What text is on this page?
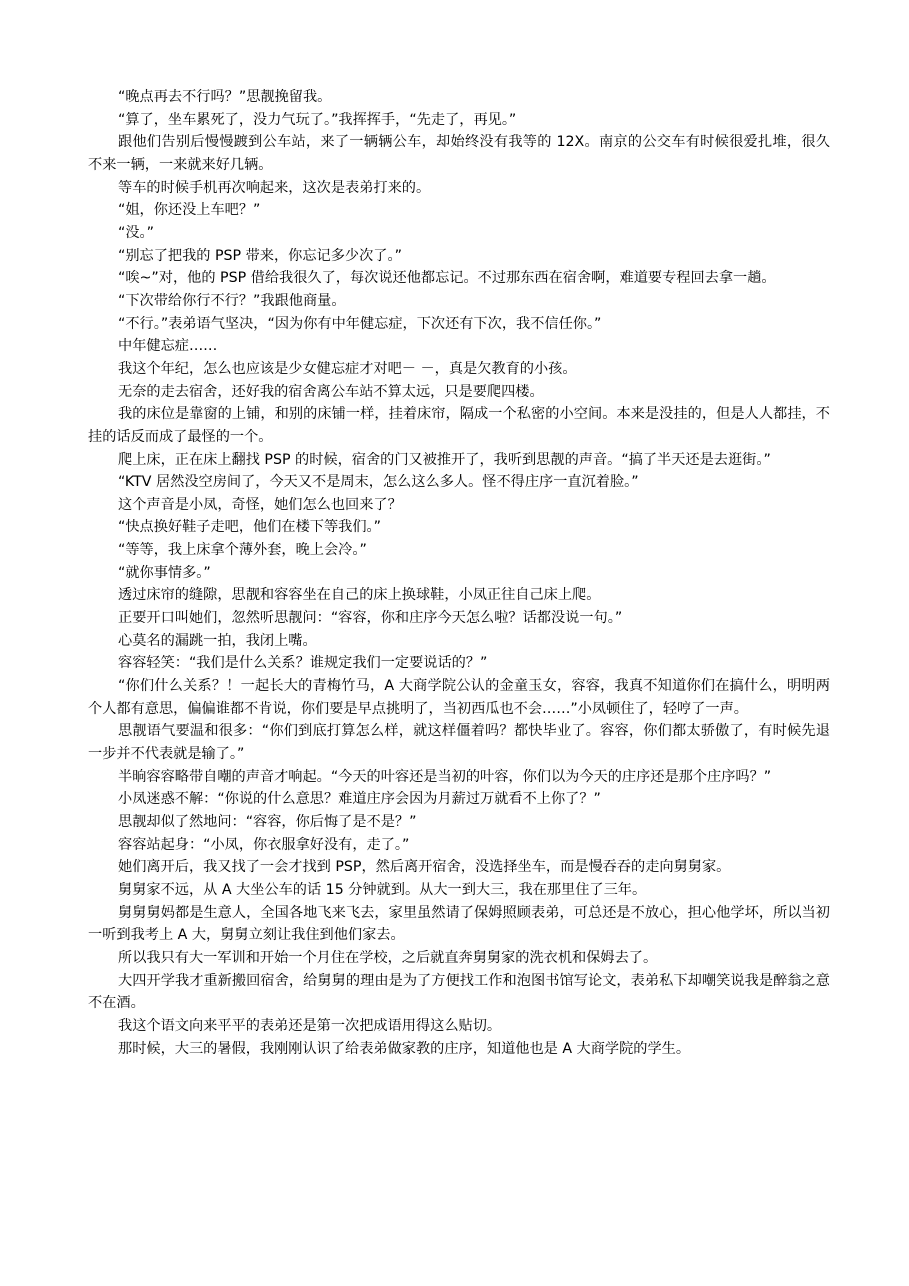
“晚点再去不行吗？”思靓挽留我。

“算了，坐车累死了，没力气玩了。”我挥挥手，“先走了，再见。”

跟他们告别后慢慢踱到公车站，来了一辆辆公车，却始终没有我等的 12X。南京的公交车有时候很爱扎堆，很久不来一辆，一来就来好几辆。

等车的时候手机再次响起来，这次是表弟打来的。

“姐，你还没上车吧？”

“没。”

“别忘了把我的 PSP 带来，你忘记多少次了。”

“唉~”对，他的 PSP 借给我很久了，每次说还他都忘记。不过那东西在宿舍啊，难道要专程回去拿一趟。

“下次带给你行不行？”我跟他商量。

“不行。”表弟语气坚决，“因为你有中年健忘症，下次还有下次，我不信任你。”

中年健忘症……

我这个年纪，怎么也应该是少女健忘症才对吧－ －，真是欠教育的小孩。

无奈的走去宿舍，还好我的宿舍离公车站不算太远，只是要爬四楼。

我的床位是靠窗的上铺，和别的床铺一样，挂着床帘，隔成一个私密的小空间。本来是没挂的，但是人人都挂，不挂的话反而成了最怪的一个。

爬上床，正在床上翻找 PSP 的时候，宿舍的门又被推开了，我听到思靓的声音。“搞了半天还是去逛街。”

“KTV 居然没空房间了，今天又不是周末，怎么这么多人。怪不得庄序一直沉着脸。”

这个声音是小凤，奇怪，她们怎么也回来了？

“快点换好鞋子走吧，他们在楼下等我们。”

“等等，我上床拿个薄外套，晚上会冷。”

“就你事情多。”

透过床帘的缝隙，思靓和容容坐在自己的床上换球鞋，小凤正往自己床上爬。

正要开口叫她们，忽然听思靓问：“容容，你和庄序今天怎么啦？话都没说一句。”

心莫名的漏跳一拍，我闭上嘴。

容容轻笑：“我们是什么关系？谁规定我们一定要说话的？”

“你们什么关系？！一起长大的青梅竹马，A 大商学院公认的金童玉女，容容，我真不知道你们在搞什么，明明两个人都有意思，偏偏谁都不肯说，你们要是早点挑明了，当初西瓜也不会……”小凤顿住了，轻哼了一声。

思靓语气要温和很多：“你们到底打算怎么样，就这样僵着吗？都快毕业了。容容，你们都太骄傲了，有时候先退一步并不代表就是输了。”

半晌容容略带自嘲的声音才响起。“今天的叶容还是当初的叶容，你们以为今天的庄序还是那个庄序吗？”

小凤迷惑不解：“你说的什么意思？难道庄序会因为月薪过万就看不上你了？”

思靓却似了然地问：“容容，你后悔了是不是？”

容容站起身：“小凤，你衣服拿好没有，走了。”

她们离开后，我又找了一会才找到 PSP，然后离开宿舍，没选择坐车，而是慢吞吞的走向舅舅家。

舅舅家不远，从 A 大坐公车的话 15 分钟就到。从大一到大三，我在那里住了三年。

舅舅舅妈都是生意人，全国各地飞来飞去，家里虽然请了保姆照顾表弟，可总还是不放心，担心他学坏，所以当初一听到我考上 A 大，舅舅立刻让我住到他们家去。

所以我只有大一军训和开始一个月住在学校，之后就直奔舅舅家的洗衣机和保姆去了。

大四开学我才重新搬回宿舍，给舅舅的理由是为了方便找工作和泡图书馆写论文，表弟私下却嘲笑说我是醉翁之意不在酒。

我这个语文向来平平的表弟还是第一次把成语用得这么贴切。

那时候，大三的暑假，我刚刚认识了给表弟做家教的庄序，知道他也是 A 大商学院的学生。
